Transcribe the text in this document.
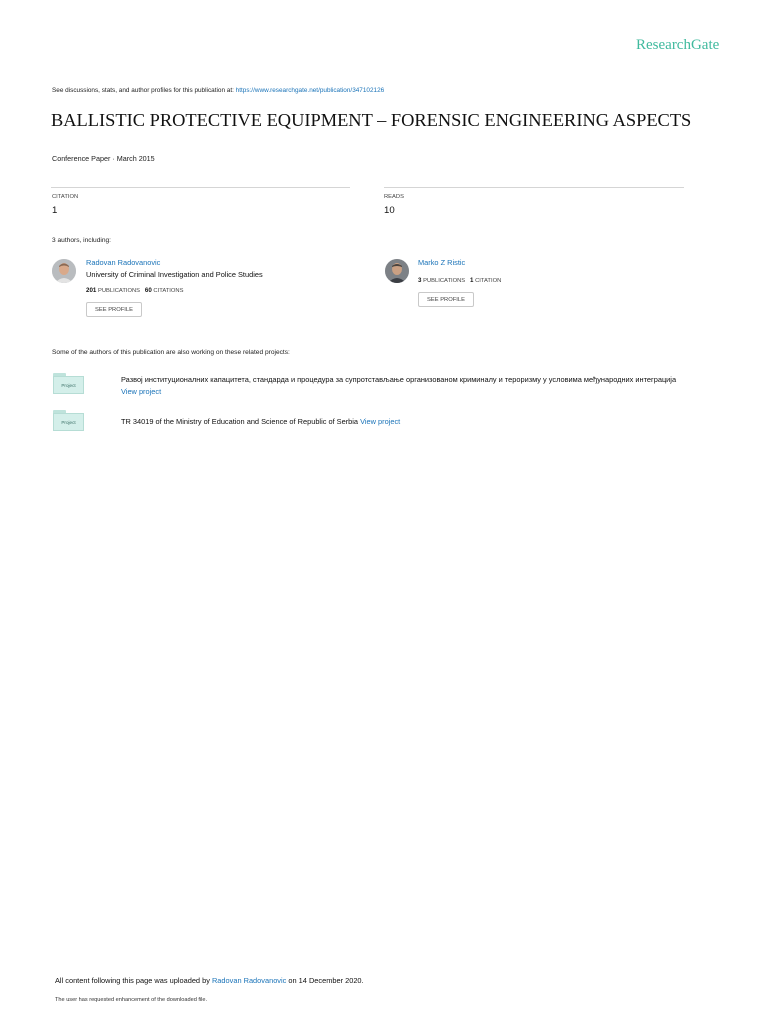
ResearchGate
See discussions, stats, and author profiles for this publication at: https://www.researchgate.net/publication/347102126
BALLISTIC PROTECTIVE EQUIPMENT – FORENSIC ENGINEERING ASPECTS
Conference Paper · March 2015
CITATION
1
READS
10
3 authors, including:
Radovan Radovanovic
University of Criminal Investigation and Police Studies
201 PUBLICATIONS 60 CITATIONS
SEE PROFILE
Marko Z Ristic
3 PUBLICATIONS 1 CITATION
SEE PROFILE
Some of the authors of this publication are also working on these related projects:
Project
Развој институционалних капацитета, стандарда и процедура за супротстављање организованом криминалу и тероризму у условима међународних интеграција View project
Project	TR 34019 of the Ministry of Education and Science of Republic of Serbia View project
All content following this page was uploaded by Radovan Radovanovic on 14 December 2020.
The user has requested enhancement of the downloaded file.
